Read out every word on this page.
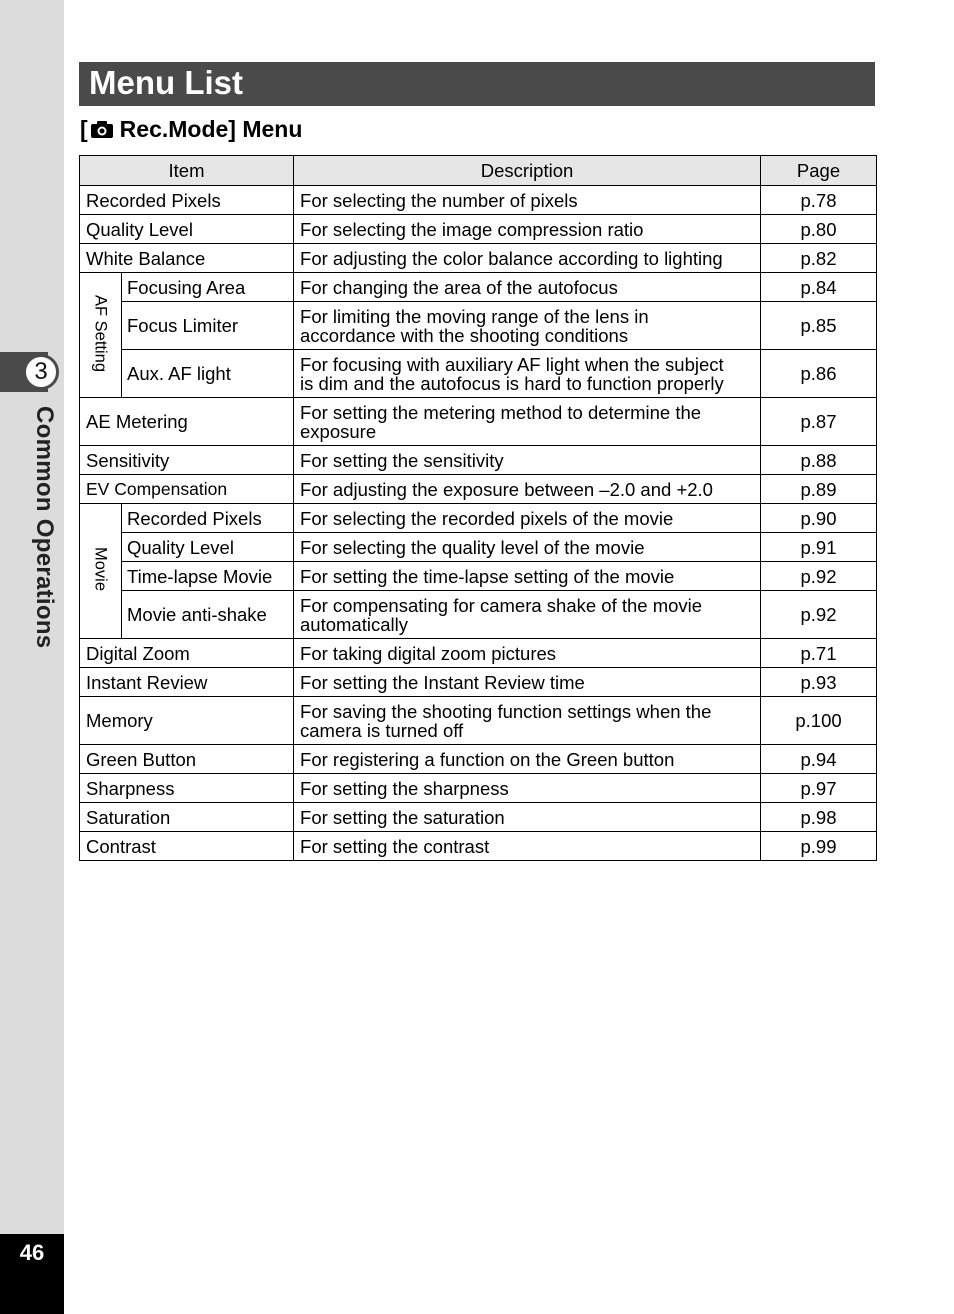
3
Common Operations
46
Menu List
[ Rec.Mode] Menu
Item		Description	Page
Recorded Pixels		For selecting the number of pixels	p.78
Quality Level		For selecting the image compression ratio	p.80
White Balance		For adjusting the color balance according to lighting	p.82
AF Setting	Focusing Area	For changing the area of the autofocus	p.84
	Focus Limiter	For limiting the moving range of the lens in
accordance with the shooting conditions	p.85
	Aux. AF light	For focusing with auxiliary AF light when the subject
is dim and the autofocus is hard to function properly	p.86
AE Metering		For setting the metering method to determine the
exposure	p.87
Sensitivity		For setting the sensitivity	p.88
EV Compensation		For adjusting the exposure between –2.0 and +2.0	p.89
Movie	Recorded Pixels	For selecting the recorded pixels of the movie	p.90
	Quality Level	For selecting the quality level of the movie	p.91
	Time-lapse Movie	For setting the time-lapse setting of the movie	p.92
	Movie anti-shake	For compensating for camera shake of the movie
automatically	p.92
Digital Zoom		For taking digital zoom pictures	p.71
Instant Review		For setting the Instant Review time	p.93
Memory		For saving the shooting function settings when the
camera is turned off	p.100
Green Button		For registering a function on the Green button	p.94
Sharpness		For setting the sharpness	p.97
Saturation		For setting the saturation	p.98
Contrast		For setting the contrast	p.99
